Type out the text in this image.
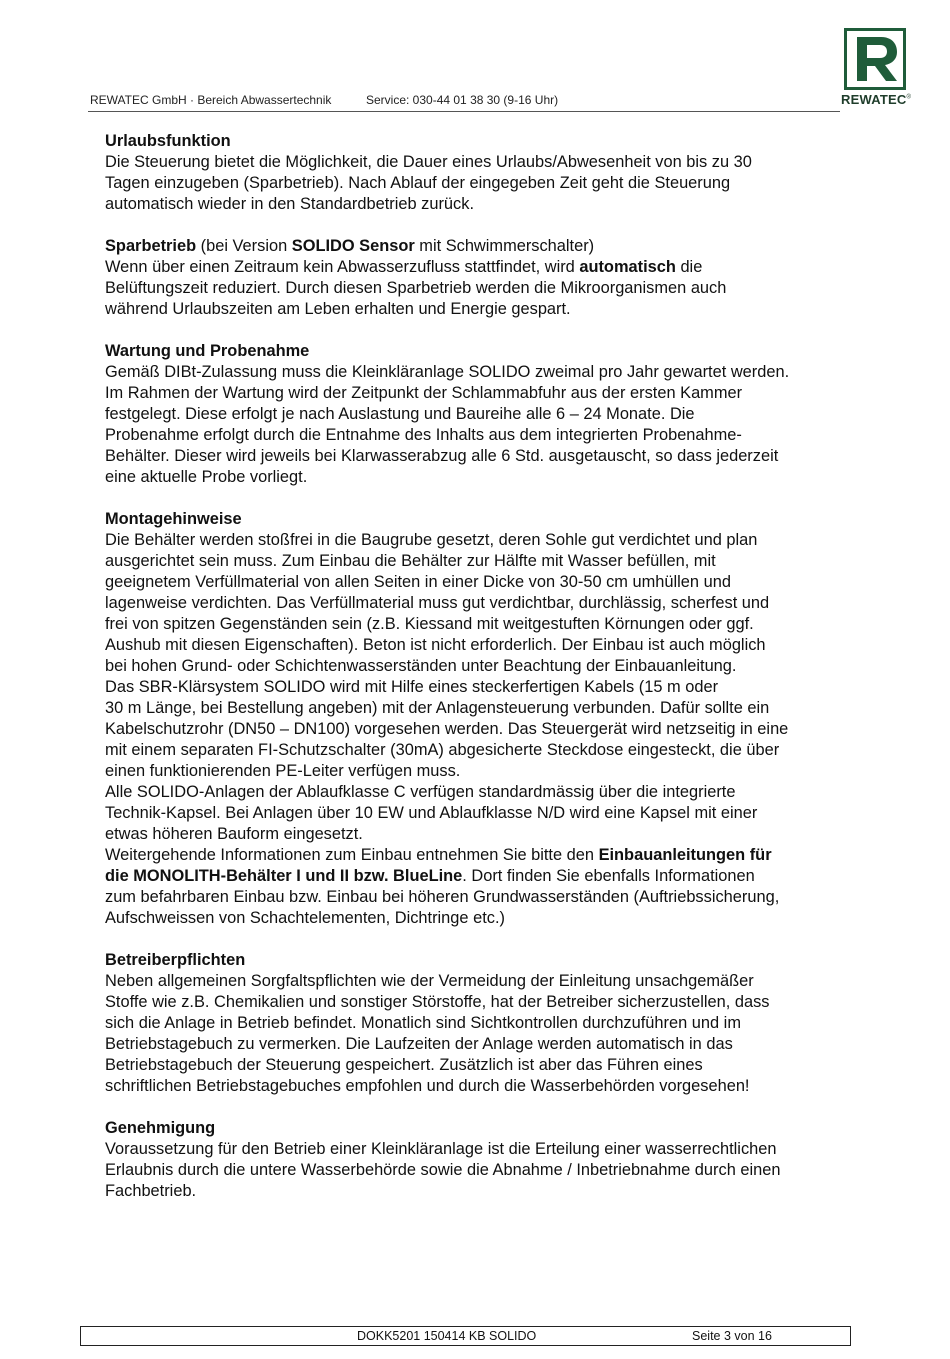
REWATEC GmbH · Bereich Abwassertechnik	Service: 030-44 01 38 30 (9-16 Uhr)	REWATEC®
Urlaubsfunktion

Die Steuerung bietet die Möglichkeit, die Dauer eines Urlaubs/Abwesenheit von bis zu 30
Tagen einzugeben (Sparbetrieb). Nach Ablauf der eingegeben Zeit geht die Steuerung
automatisch wieder in den Standardbetrieb zurück.

Sparbetrieb (bei Version SOLIDO Sensor mit Schwimmerschalter)
Wenn über einen Zeitraum kein Abwasserzufluss stattfindet, wird automatisch die
Belüftungszeit reduziert. Durch diesen Sparbetrieb werden die Mikroorganismen auch
während Urlaubszeiten am Leben erhalten und Energie gespart.

Wartung und Probenahme

Gemäß DIBt-Zulassung muss die Kleinkläranlage SOLIDO zweimal pro Jahr gewartet werden.
Im Rahmen der Wartung wird der Zeitpunkt der Schlammabfuhr aus der ersten Kammer
festgelegt. Diese erfolgt je nach Auslastung und Baureihe alle 6 – 24 Monate. Die
Probenahme erfolgt durch die Entnahme des Inhalts aus dem integrierten Probenahme-
Behälter. Dieser wird jeweils bei Klarwasserabzug alle 6 Std. ausgetauscht, so dass jederzeit
eine aktuelle Probe vorliegt.

Montagehinweise

Die Behälter werden stoßfrei in die Baugrube gesetzt, deren Sohle gut verdichtet und plan
ausgerichtet sein muss. Zum Einbau die Behälter zur Hälfte mit Wasser befüllen, mit
geeignetem Verfüllmaterial von allen Seiten in einer Dicke von 30-50 cm umhüllen und
lagenweise verdichten. Das Verfüllmaterial muss gut verdichtbar, durchlässig, scherfest und
frei von spitzen Gegenständen sein (z.B. Kiessand mit weitgestuften Körnungen oder ggf.
Aushub mit diesen Eigenschaften). Beton ist nicht erforderlich. Der Einbau ist auch möglich
bei hohen Grund- oder Schichtenwasserständen unter Beachtung der Einbauanleitung.
Das SBR-Klärsystem SOLIDO wird mit Hilfe eines steckerfertigen Kabels (15 m oder
30 m Länge, bei Bestellung angeben) mit der Anlagensteuerung verbunden. Dafür sollte ein
Kabelschutzrohr (DN50 – DN100) vorgesehen werden. Das Steuergerät wird netzseitig in eine
mit einem separaten FI-Schutzschalter (30mA) abgesicherte Steckdose eingesteckt, die über
einen funktionierenden PE-Leiter verfügen muss.
Alle SOLIDO-Anlagen der Ablaufklasse C verfügen standardmässig über die integrierte
Technik-Kapsel. Bei Anlagen über 10 EW und Ablaufklasse N/D wird eine Kapsel mit einer
etwas höheren Bauform eingesetzt.
Weitergehende Informationen zum Einbau entnehmen Sie bitte den Einbauanleitungen für
die MONOLITH-Behälter I und II bzw. BlueLine. Dort finden Sie ebenfalls Informationen
zum befahrbaren Einbau bzw. Einbau bei höheren Grundwasserständen (Auftriebssicherung,
Aufschweissen von Schachtelementen, Dichtringe etc.)

Betreiberpflichten

Neben allgemeinen Sorgfaltspflichten wie der Vermeidung der Einleitung unsachgemäßer
Stoffe wie z.B. Chemikalien und sonstiger Störstoffe, hat der Betreiber sicherzustellen, dass
sich die Anlage in Betrieb befindet. Monatlich sind Sichtkontrollen durchzuführen und im
Betriebstagebuch zu vermerken. Die Laufzeiten der Anlage werden automatisch in das
Betriebstagebuch der Steuerung gespeichert. Zusätzlich ist aber das Führen eines
schriftlichen Betriebstagebuches empfohlen und durch die Wasserbehörden vorgesehen!

Genehmigung

Voraussetzung für den Betrieb einer Kleinkläranlage ist die Erteilung einer wasserrechtlichen
Erlaubnis durch die untere Wasserbehörde sowie die Abnahme / Inbetriebnahme durch einen
Fachbetrieb.

DOKK5201 150414 KB SOLIDO	Seite 3 von 16
